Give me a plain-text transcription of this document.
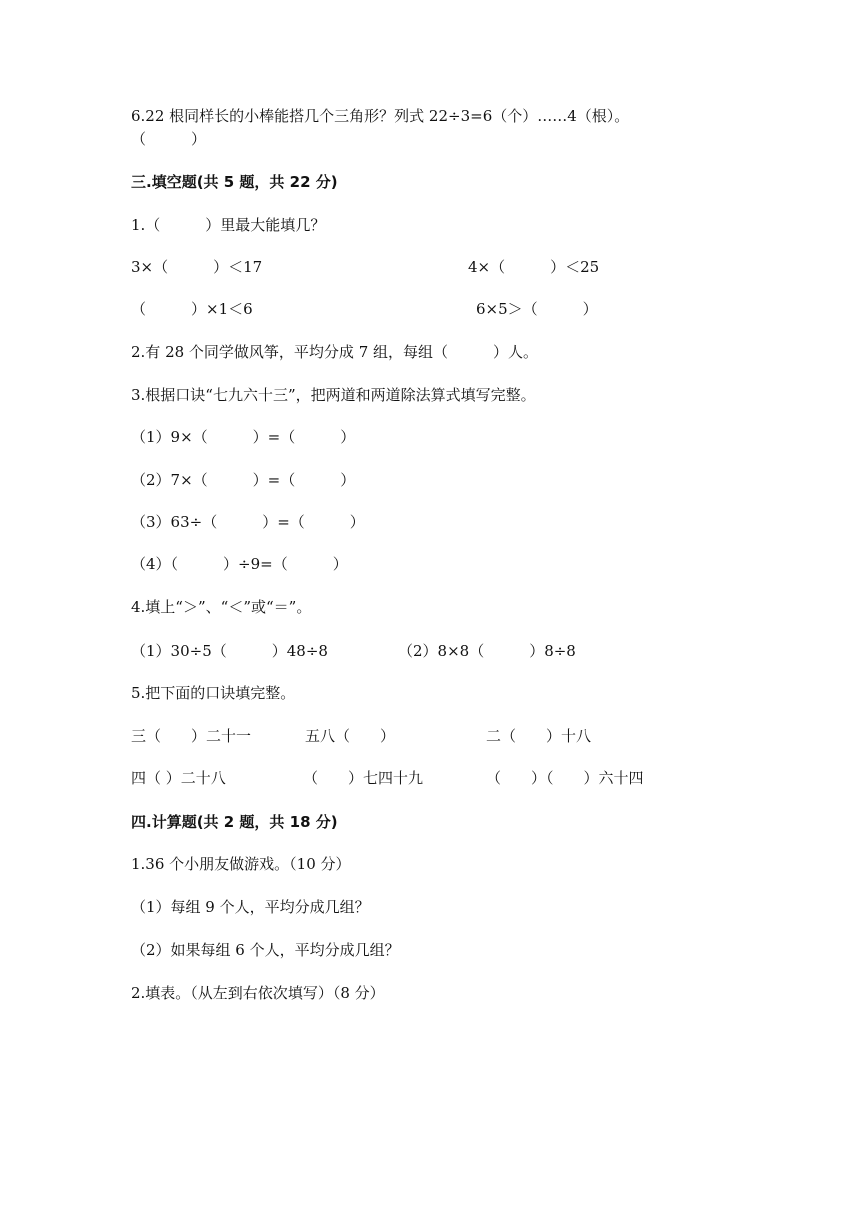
6.22 根同样长的小棒能搭几个三角形？列式 22÷3=6（个）……4（根）。
（　　　）
三.填空题(共 5 题，共 22 分)
1.（　　　）里最大能填几？
3×（　　　）＜17	4×（　　　）＜25
（　　　）×1＜6	6×5＞（　　　）
2.有 28 个同学做风筝，平均分成 7 组，每组（　　　）人。
3.根据口诀“七九六十三”，把两道和两道除法算式填写完整。
（1）9×（　　　）=（　　　）
（2）7×（　　　）=（　　　）
（3）63÷（　　　）=（　　　）
（4）（　　　）÷9=（　　　）
4.填上“＞”、“＜”或“＝”。
（1）30÷5（　　　）48÷8	（2）8×8（　　　）8÷8
5.把下面的口诀填完整。
三（　　）二十一	五八（　　）	二（　　）十八
四（ ）二十八	（　　）七四十九	（　　）（　　）六十四
四.计算题(共 2 题，共 18 分)
1.36 个小朋友做游戏。（10 分）
（1）每组 9 个人，平均分成几组？
（2）如果每组 6 个人，平均分成几组？
2.填表。（从左到右依次填写）（8 分）
